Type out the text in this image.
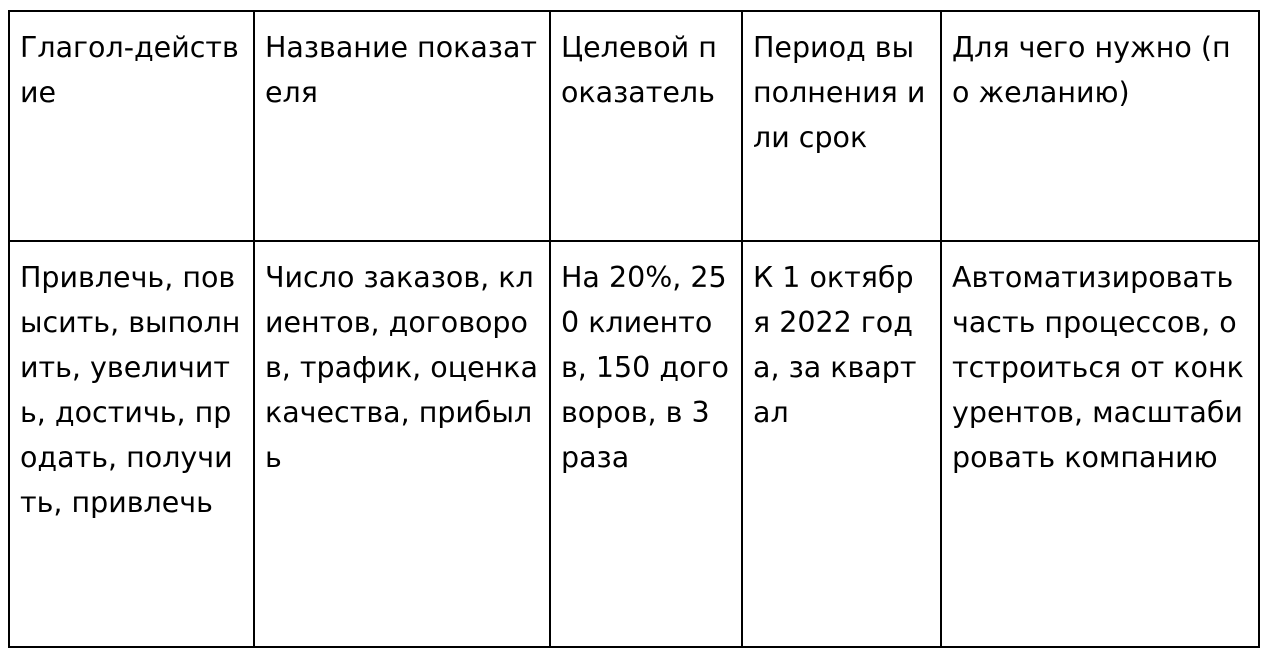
Глагол-действие	Название показателя	Целевой показатель	Период выполнения или срок	Для чего нужно (по желанию)
Привлечь, повысить, выполнить, увеличить, достичь, продать, получить, привлечь	Число заказов, клиентов, договоров, трафик, оценка качества, прибыль	На 20%, 250 клиентов, 150 договоров, в 3 раза	К 1 октября 2022 года, за квартал	Автоматизировать часть процессов, отстроиться от конкурентов, масштабировать компанию
